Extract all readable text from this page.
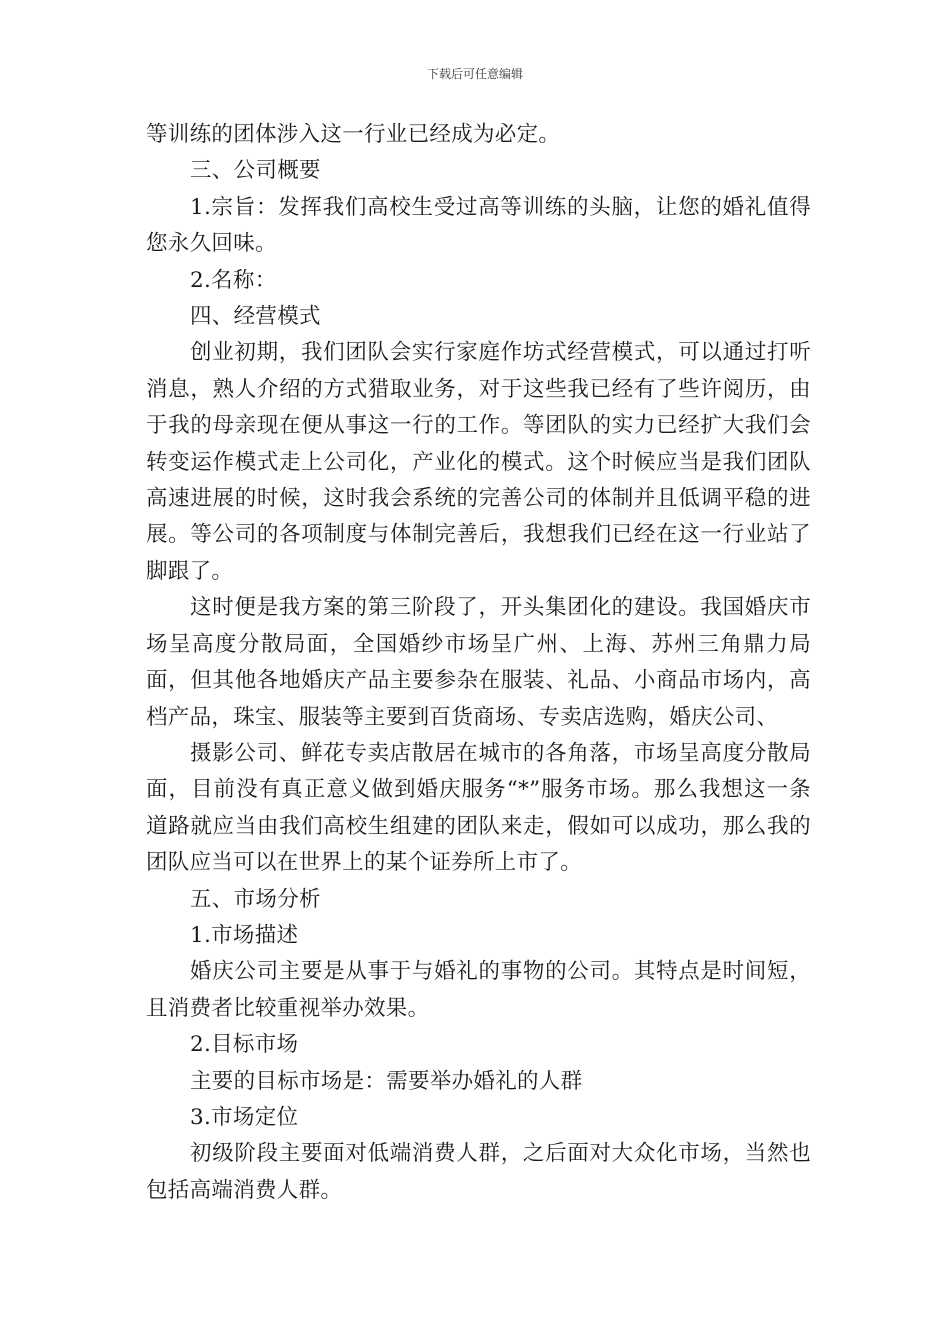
下载后可任意编辑

等训练的团体涉入这一行业已经成为必定。

三、公司概要

1.宗旨：发挥我们高校生受过高等训练的头脑，让您的婚礼值得您永久回味。

2.名称：

四、经营模式

创业初期，我们团队会实行家庭作坊式经营模式，可以通过打听消息，熟人介绍的方式猎取业务，对于这些我已经有了些许阅历，由于我的母亲现在便从事这一行的工作。等团队的实力已经扩大我们会转变运作模式走上公司化，产业化的模式。这个时候应当是我们团队高速进展的时候，这时我会系统的完善公司的体制并且低调平稳的进展。等公司的各项制度与体制完善后，我想我们已经在这一行业站了脚跟了。

这时便是我方案的第三阶段了，开头集团化的建设。我国婚庆市场呈高度分散局面，全国婚纱市场呈广州、上海、苏州三角鼎力局面，但其他各地婚庆产品主要参杂在服装、礼品、小商品市场内，高档产品，珠宝、服装等主要到百货商场、专卖店选购，婚庆公司、

摄影公司、鲜花专卖店散居在城市的各角落，市场呈高度分散局面，目前没有真正意义做到婚庆服务“*”服务市场。那么我想这一条道路就应当由我们高校生组建的团队来走，假如可以成功，那么我的团队应当可以在世界上的某个证券所上市了。

五、市场分析

1.市场描述

婚庆公司主要是从事于与婚礼的事物的公司。其特点是时间短，且消费者比较重视举办效果。

2.目标市场

主要的目标市场是：需要举办婚礼的人群

3.市场定位

初级阶段主要面对低端消费人群，之后面对大众化市场，当然也包括高端消费人群。
